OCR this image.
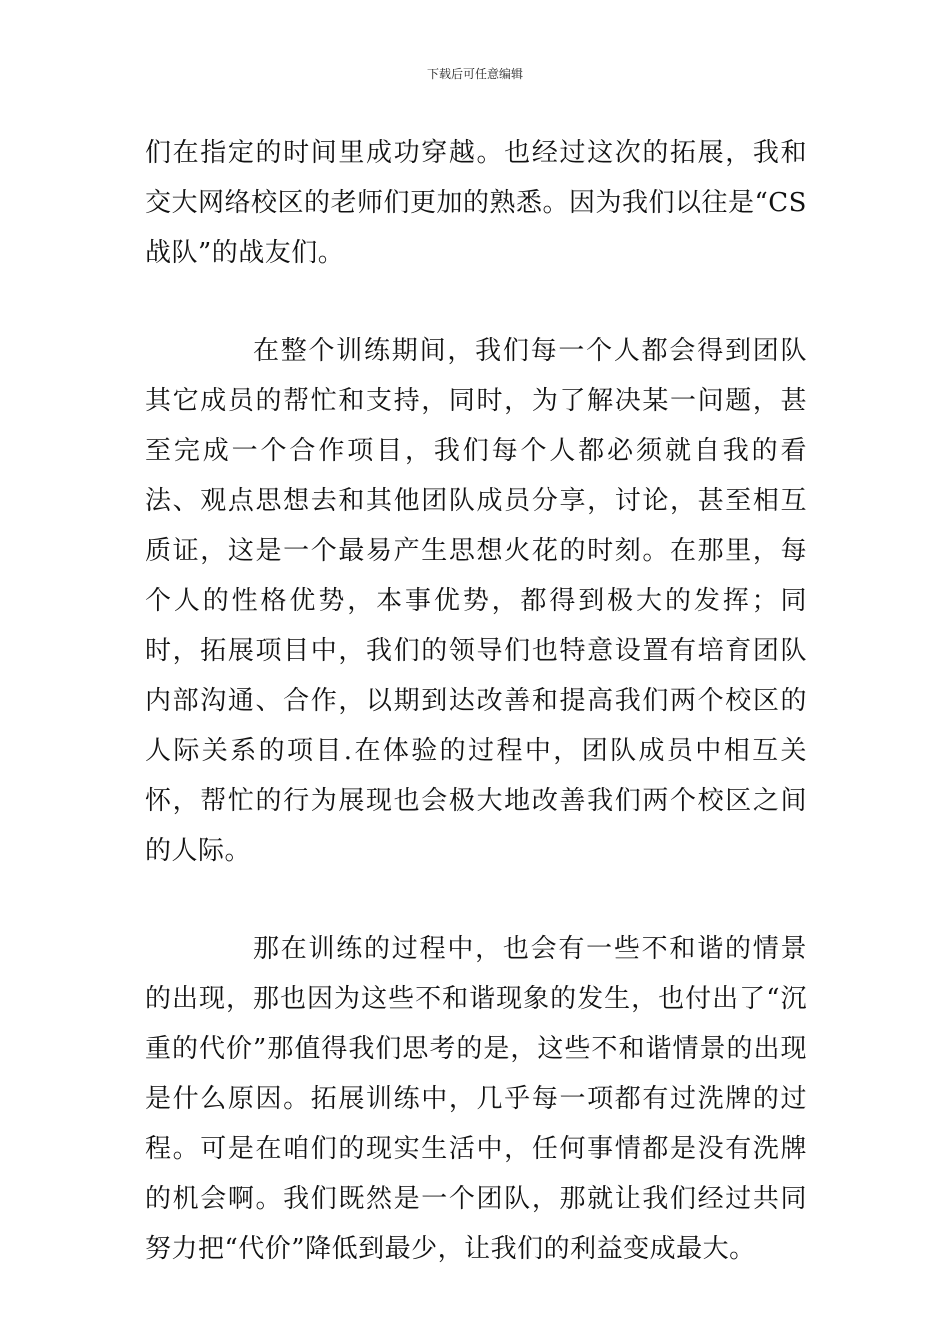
下载后可任意编辑

们在指定的时间里成功穿越。也经过这次的拓展，我和交大网络校区的老师们更加的熟悉。因为我们以往是“CS战队”的战友们。

在整个训练期间，我们每一个人都会得到团队其它成员的帮忙和支持，同时，为了解决某一问题，甚至完成一个合作项目，我们每个人都必须就自我的看法、观点思想去和其他团队成员分享，讨论，甚至相互质证，这是一个最易产生思想火花的时刻。在那里，每个人的性格优势，本事优势，都得到极大的发挥；同时，拓展项目中，我们的领导们也特意设置有培育团队内部沟通、合作，以期到达改善和提高我们两个校区的人际关系的项目.在体验的过程中，团队成员中相互关怀，帮忙的行为展现也会极大地改善我们两个校区之间的人际。

那在训练的过程中，也会有一些不和谐的情景的出现，那也因为这些不和谐现象的发生，也付出了“沉重的代价”那值得我们思考的是，这些不和谐情景的出现是什么原因。拓展训练中，几乎每一项都有过洗牌的过程。可是在咱们的现实生活中，任何事情都是没有洗牌的机会啊。我们既然是一个团队，那就让我们经过共同努力把“代价”降低到最少，让我们的利益变成最大。
